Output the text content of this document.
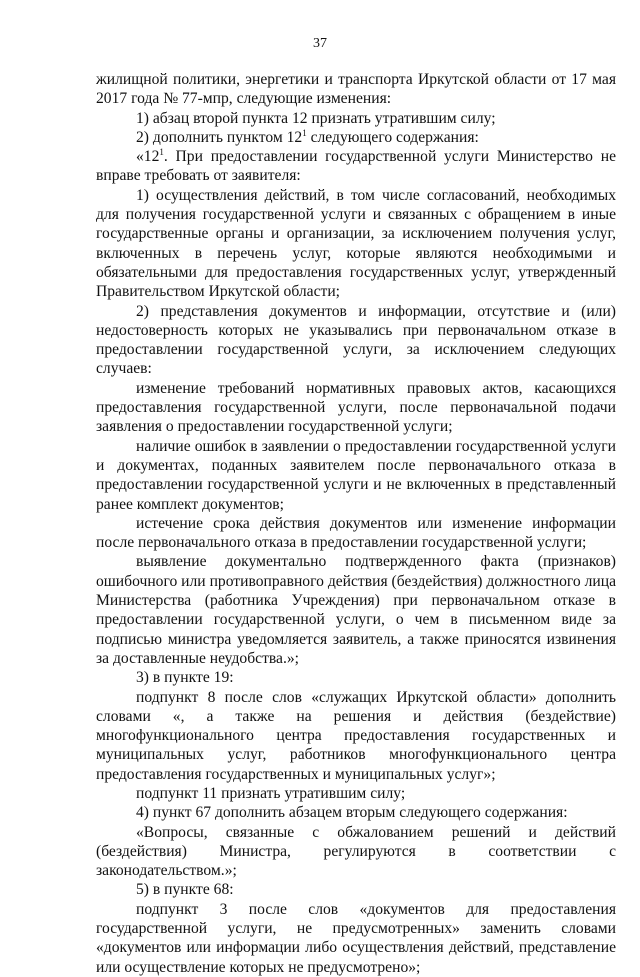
37

жилищной политики, энергетики и транспорта Иркутской области от 17 мая 2017 года № 77-мпр, следующие изменения:

1) абзац второй пункта 12 признать утратившим силу;

2) дополнить пунктом $12^1$ следующего содержания:

«$12^1$. При предоставлении государственной услуги Министерство не вправе требовать от заявителя:

1) осуществления действий, в том числе согласований, необходимых для получения государственной услуги и связанных с обращением в иные государственные органы и организации, за исключением получения услуг, включенных в перечень услуг, которые являются необходимыми и обязательными для предоставления государственных услуг, утвержденный Правительством Иркутской области;

2) представления документов и информации, отсутствие и (или) недостоверность которых не указывались при первоначальном отказе в предоставлении государственной услуги, за исключением следующих случаев:

изменение требований нормативных правовых актов, касающихся предоставления государственной услуги, после первоначальной подачи заявления о предоставлении государственной услуги;

наличие ошибок в заявлении о предоставлении государственной услуги и документах, поданных заявителем после первоначального отказа в предоставлении государственной услуги и не включенных в представленный ранее комплект документов;

истечение срока действия документов или изменение информации после первоначального отказа в предоставлении государственной услуги;

выявление документально подтвержденного факта (признаков) ошибочного или противоправного действия (бездействия) должностного лица Министерства (работника Учреждения) при первоначальном отказе в предоставлении государственной услуги, о чем в письменном виде за подписью министра уведомляется заявитель, а также приносятся извинения за доставленные неудобства.»;

3) в пункте 19:

подпункт 8 после слов «служащих Иркутской области» дополнить словами «, а также на решения и действия (бездействие) многофункционального центра предоставления государственных и муниципальных услуг, работников многофункционального центра предоставления государственных и муниципальных услуг»;

подпункт 11 признать утратившим силу;

4) пункт 67 дополнить абзацем вторым следующего содержания:

«Вопросы, связанные с обжалованием решений и действий (бездействия) Министра, регулируются в соответствии с законодательством.»;

5) в пункте 68:

подпункт 3 после слов «документов для предоставления государственной услуги, не предусмотренных» заменить словами «документов или информации либо осуществления действий, представление или осуществление которых не предусмотрено»;
